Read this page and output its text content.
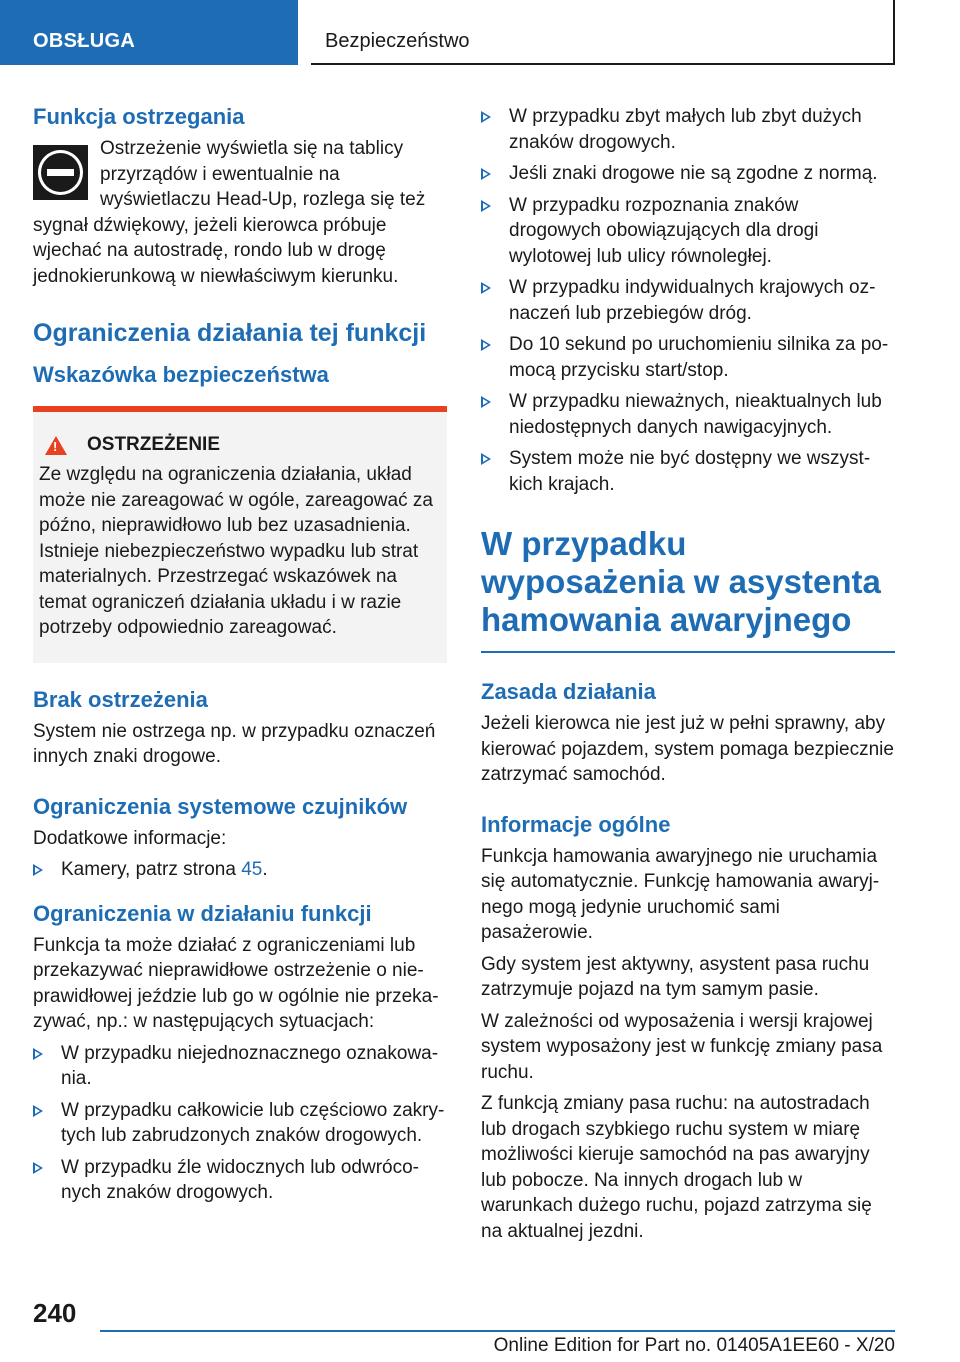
OBSŁUGA	Bezpieczeństwo
Funkcja ostrzegania

Ostrzeżenie wyświetla się na tablicy przyrządów i ewentualnie na wyświetlaczu Head-Up, rozlega się też sygnał dźwiękowy, jeżeli kierowca próbuje wjechać na autostradę, rondo lub w drogę jednokierunkową w niewłaściwym kierunku.

Ograniczenia działania tej funkcji
Wskazówka bezpieczeństwa
!
OSTRZEŻENIE

Ze względu na ograniczenia działania, układ może nie zareagować w ogóle, zareagować za późno, nieprawidłowo lub bez uzasadnienia. Istnieje niebezpieczeństwo wypadku lub strat materialnych. Przestrzegać wskazówek na temat ograniczeń działania układu i w razie potrzeby odpowiednio zareagować.

Brak ostrzeżenia

System nie ostrzega np. w przypadku oznaczeń innych znaki drogowe.

Ograniczenia systemowe czujników

Dodatkowe informacje:

Kamery, patrz strona 45.
Ograniczenia w działaniu funkcji

Funkcja ta może działać z ograniczeniami lub przekazywać nieprawidłowe ostrzeżenie o nieprawidłowej jeździe lub go w ogólnie nie przekazywać, np.: w następujących sytuacjach:

W przypadku niejednoznacznego oznakowania.
W przypadku całkowicie lub częściowo zakrytych lub zabrudzonych znaków drogowych.
W przypadku źle widocznych lub odwróconych znaków drogowych.
W przypadku zbyt małych lub zbyt dużych znaków drogowych.
Jeśli znaki drogowe nie są zgodne z normą.
W przypadku rozpoznania znaków drogowych obowiązujących dla drogi wylotowej lub ulicy równoległej.
W przypadku indywidualnych krajowych oznaczeń lub przebiegów dróg.
Do 10 sekund po uruchomieniu silnika za pomocą przycisku start/stop.
W przypadku nieważnych, nieaktualnych lub niedostępnych danych nawigacyjnych.
System może nie być dostępny we wszystkich krajach.
W przypadku wyposażenia w asystenta hamowania awaryjnego
Zasada działania

Jeżeli kierowca nie jest już w pełni sprawny, aby kierować pojazdem, system pomaga bezpiecznie zatrzymać samochód.

Informacje ogólne

Funkcja hamowania awaryjnego nie uruchamia się automatycznie. Funkcję hamowania awaryjnego mogą jedynie uruchomić sami pasażerowie.

Gdy system jest aktywny, asystent pasa ruchu zatrzymuje pojazd na tym samym pasie.

W zależności od wyposażenia i wersji krajowej system wyposażony jest w funkcję zmiany pasa ruchu.

Z funkcją zmiany pasa ruchu: na autostradach lub drogach szybkiego ruchu system w miarę możliwości kieruje samochód na pas awaryjny lub pobocze. Na innych drogach lub w warunkach dużego ruchu, pojazd zatrzyma się na aktualnej jezdni.

240
Online Edition for Part no. 01405A1EE60 - X/20
